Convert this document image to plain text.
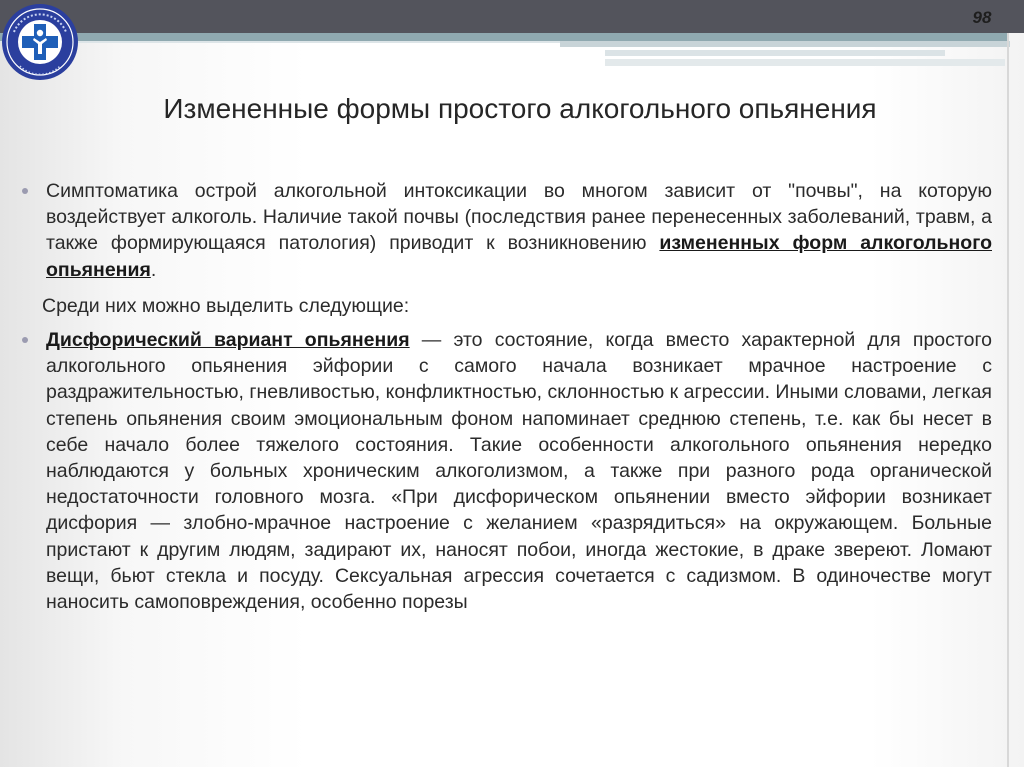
98
Измененные формы простого алкогольного опьянения

Симптоматика острой алкогольной интоксикации во многом зависит от "почвы", на которую воздействует алкоголь. Наличие такой почвы (последствия ранее перенесенных заболеваний, травм, а также формирующаяся патология) приводит к возникновению измененных форм алкогольного опьянения.

Среди них можно выделить следующие:

Дисфорический вариант опьянения — это состояние, когда вместо характерной для простого алкогольного опьянения эйфории с самого начала возникает мрачное настроение с раздражительностью, гневливостью, конфликтностью, склонностью к агрессии. Иными словами, легкая степень опьянения своим эмоциональным фоном напоминает среднюю степень, т.е. как бы несет в себе начало более тяжелого состояния. Такие особенности алкогольного опьянения нередко наблюдаются у больных хроническим алкоголизмом, а также при разного рода органической недостаточности головного мозга. «При дисфорическом опьянении вместо эйфории возникает дисфория — злобно-мрачное настроение с желанием «разрядиться» на окружающем. Больные пристают к другим людям, задирают их, наносят побои, иногда жестокие, в драке звереют. Ломают вещи, бьют стекла и посуду. Сексуальная агрессия сочетается с садизмом. В одиночестве могут наносить самоповреждения, особенно порезы
